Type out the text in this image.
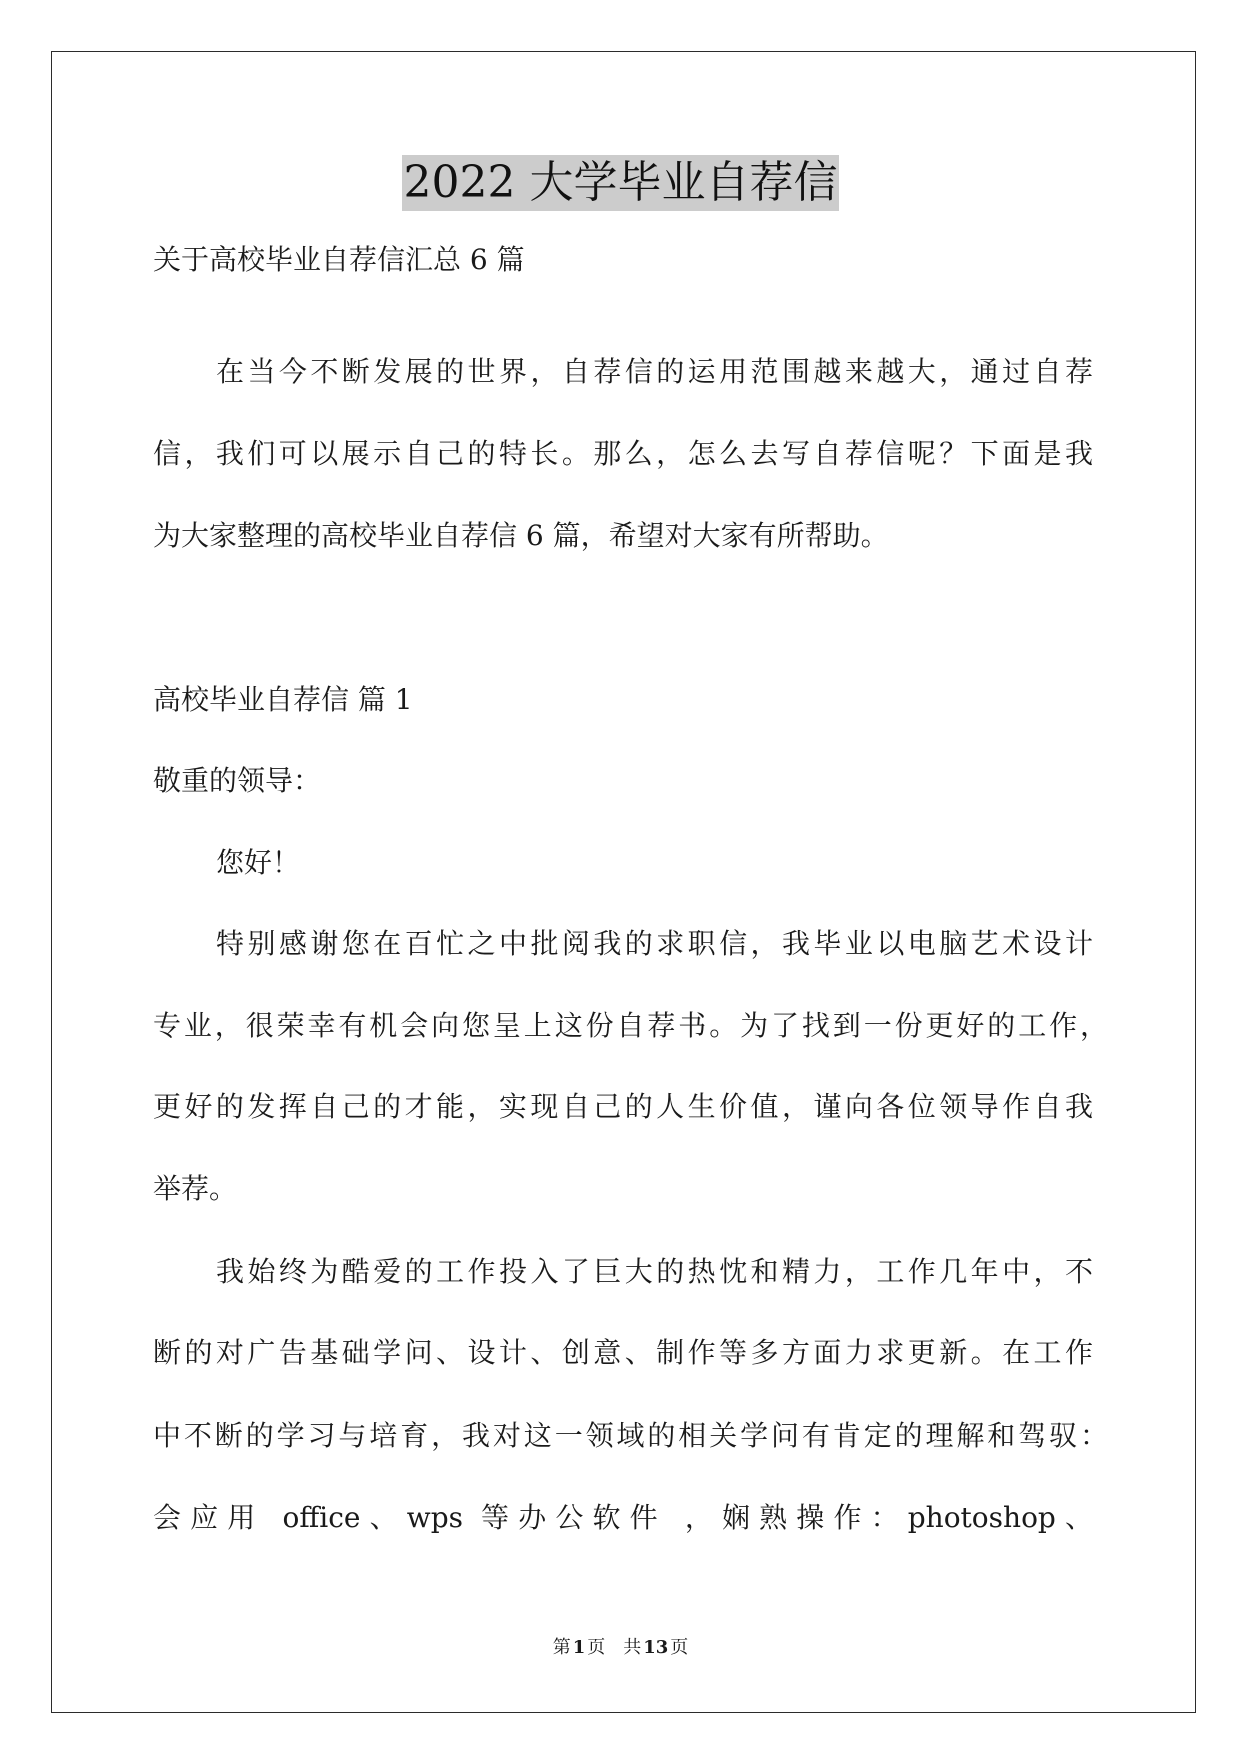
2022 大学毕业自荐信
关于高校毕业自荐信汇总 6 篇
在当今不断发展的世界，自荐信的运用范围越来越大，通过自荐
信，我们可以展示自己的特长。那么，怎么去写自荐信呢？下面是我
为大家整理的高校毕业自荐信 6 篇，希望对大家有所帮助。
高校毕业自荐信 篇 1
敬重的领导：
您好！
特别感谢您在百忙之中批阅我的求职信，我毕业以电脑艺术设计
专业，很荣幸有机会向您呈上这份自荐书。为了找到一份更好的工作，
更好的发挥自己的才能，实现自己的人生价值，谨向各位领导作自我
举荐。
我始终为酷爱的工作投入了巨大的热忱和精力，工作几年中，不
断的对广告基础学问、设计、创意、制作等多方面力求更新。在工作
中不断的学习与培育，我对这一领域的相关学问有肯定的理解和驾驭：
会应用 office、wps 等办公软件 ，娴熟操作：photoshop、
第 1 页 共 13 页
